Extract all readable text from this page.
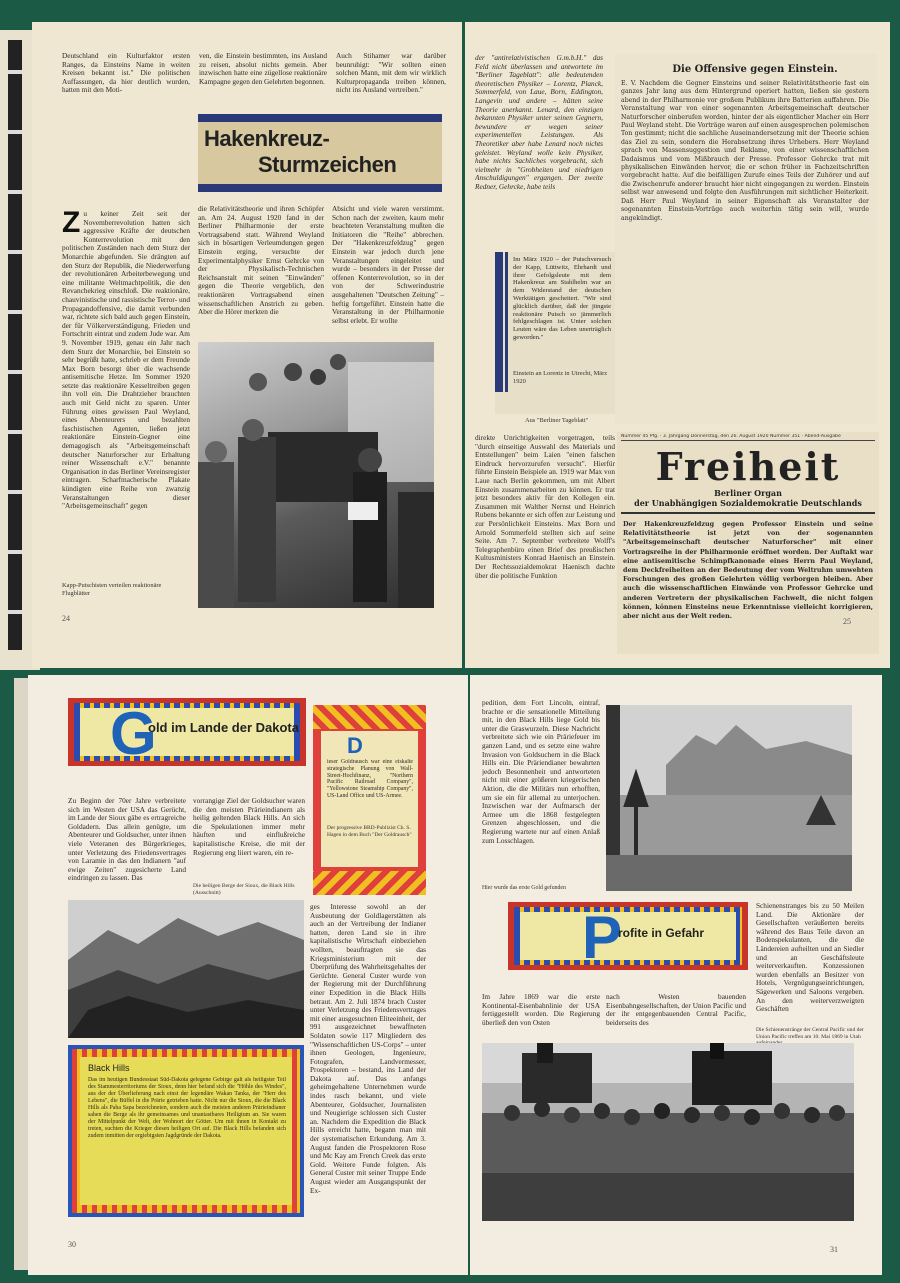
Deutschland ein Kulturfaktor ersten Ranges, da Einsteins Name in weiten Kreisen bekannt ist." Die politischen Auffassungen, da hier deutlich wurden, hatten mit den Moti-
ven, die Einstein bestimmten, ins Ausland zu reisen, absolut nichts gemein. Aber inzwischen hatte eine zügellose reaktionäre Kampagne gegen den Gelehrten begonnen.
Auch Stihamer war darüber beunruhigt: "Wir sollten einen solchen Mann, mit dem wir wirklich Kulturpropaganda treiben können, nicht ins Ausland vertreiben."
Hakenkreuz-
Sturmzeichen
Z u keiner Zeit seit der Novemberrevolution hatten sich aggressive Kräfte der deutschen Konterrevolution mit den politischen Zuständen nach dem Sturz der Monarchie abgefunden. Sie drängten auf den Sturz der Republik, die Niederwerfung der revolutionären Arbeiterbewegung und eine militante Weltmachtpolitik, die den Revanchekrieg einschloß. Die reaktionäre, chauvinistische und rassistische Terror- und Propagandoffensive, die damit verbunden war, richtete sich bald auch gegen Einstein, der für Völkerverständigung, Frieden und Fortschritt eintrat und zudem Jude war. Am 9. November 1919, genau ein Jahr nach dem Sturz der Monarchie, bei Einstein so sehr begrüßt hatte, schrieb er dem Freunde Max Born besorgt über die wachsende antisemitische Hetze. Im Sommer 1920 setzte das reaktionäre Kesseltreiben gegen ihn voll ein. Die Drahtzieher brauchten auch mit Geld nicht zu sparen. Unter Führung eines gewissen Paul Weyland, eines Abenteurers und bezahlten faschistischen Agenten, ließen jetzt reaktionäre Einstein-Gegner eine demagogisch als "Arbeitsgemeinschaft deutscher Naturforscher zur Erhaltung reiner Wissenschaft e.V." benannte Organisation in das Berliner Vereinsregister eintragen. Scharfmacherische Plakate kündigten eine Reihe von zwanzig Veranstaltungen dieser "Arbeitsgemeinschaft" gegen
die Relativitätstheorie und ihren Schöpfer an. Am 24. August 1920 fand in der Berliner Philharmonie der erste Vortragsabend statt. Während Weyland sich in bösartigen Verleumdungen gegen Einstein erging, versuchte der Experimentalphysiker Ernst Gehrcke von der Physikalisch-Technischen Reichsanstalt mit seinen "Einwänden" gegen die Theorie vergeblich, den reaktionären Vortragsabend einen wissenschaftlichen Anstrich zu geben. Aber die Hörer merkten die
Absicht und viele waren verstimmt. Schon nach der zweiten, kaum mehr beachteten Veranstaltung mußten die Initiatoren die "Reihe" abbrechen. Der "Hakenkreuzfeldzug" gegen Einstein war jedoch durch jene Veranstaltungen eingeleitet und wurde – besonders in der Presse der offenen Konterrevolution, so in der von der Schwerindustrie ausgehaltenen "Deutschen Zeitung" – heftig fortgeführt. Einstein hatte die Veranstaltung in der Philharmonie selbst erlebt. Er wollte
Kapp-Putschisten verteilen reaktionäre Flugblätter
24
der "antirelativistischen G.m.b.H." das Feld nicht überlassen und antwortete im "Berliner Tageblatt": alle bedeutenden theoretischen Physiker – Lorentz, Planck, Sommerfeld, von Laue, Born, Eddington, Langevin und andere – hätten seine Theorie anerkannt. Lenard, den einzigen bekannten Physiker unter seinen Gegnern, bewundere er wegen seiner experimentellen Leistungen. Als Theoretiker aber habe Lenard noch nichts geleistet. Weyland wolle kein Physiker, habe nichts Sachliches vorgebracht, sich vielmehr in "Grobheiten und niedrigen Anschuldigungen" ergangen. Der zweite Redner, Gehrcke, habe teils
Im März 1920 – der Putschversuch der Kapp, Lüttwitz, Ehrhardt und ihrer Gefolgsleute mit dem Hakenkreuz am Stahlhelm war an dem Widerstand der deutschen Werktätigen gescheitert. "Wir sind glücklich darüber, daß der jüngste reaktionäre Putsch so jämmerlich fehlgeschlagen ist. Unter solchen Leuten wäre das Leben unerträglich geworden."
Einstein an Lorentz in Utrecht, März 1920
Aus "Berliner Tageblatt"
direkte Unrichtigkeiten vorgetragen, teils "durch einseitige Auswahl des Materials und Entstellungen" beim Laien "einen falschen Eindruck hervorzurufen versucht". Hierfür führte Einstein Beispiele an. 1919 war Max von Laue nach Berlin gekommen, um mit Albert Einstein zusammenarbeiten zu können. Er trat jetzt besonders aktiv für den Kollegen ein. Zusammen mit Walther Nernst und Heinrich Rubens bekannte er sich offen zur Leistung und zur Persönlichkeit Einsteins. Max Born und Arnold Sommerfeld stellten sich auf seine Seite. Am 7. September verbreitete Wolff's Telegraphenbüro einen Brief des preußischen Kultusministers Konrad Haenisch an Einstein. Der Rechtssozialdemokrat Haenisch dachte über die politische Funktion
Die Offensive gegen Einstein.
E. V. Nachdem die Gegner Einsteins und seiner Relativitätstheorie fast ein ganzes Jahr lang aus dem Hintergrund operiert hatten, ließen sie gestern abend in der Philharmonie vor großem Publikum ihre Batterien auffahren. Die Veranstaltung war von einer sogenannten Arbeitsgemeinschaft deutscher Naturforscher einberufen worden, hinter der als eigentlicher Macher ein Herr Paul Weyland steht. Die Vorträge waren auf einen ausgesprochen polemischen Ton gestimmt; nicht die sachliche Auseinandersetzung mit der Theorie schien das Ziel zu sein, sondern die Herabsetzung ihres Urhebers. Herr Weyland sprach von Massensuggestion und Reklame, von einer wissenschaftlichen Dadaismus und vom Mißbrauch der Presse. Professor Gehrcke trat mit physikalischen Einwänden hervor, die er schon früher in Fachzeitschriften vorgebracht hatte. Auf die beifälligen Zurufe eines Teils der Zuhörer und auf die Zwischenrufe anderer braucht hier nicht eingegangen zu werden. Einstein selbst war anwesend und folgte den Ausführungen mit sichtlicher Heiterkeit. Daß Herr Paul Weyland in seiner Eigenschaft als Veranstalter der sogenannten Einstein-Vorträge auch weiterhin tätig sein will, wurde angekündigt.
Nummer 45 Pfg. · 3. Jahrgang Donnerstag, den 26. August 1920 Nummer 351 · Abend-Ausgabe
Freiheit
Berliner Organ
der Unabhängigen Sozialdemokratie Deutschlands
Der Hakenkreuzfeldzug gegen Professor Einstein und seine Relativitätstheorie ist jetzt von der sogenannten "Arbeitsgemeinschaft deutscher Naturforscher" mit einer Vortragsreihe in der Philharmonie eröffnet worden. Der Auftakt war eine antisemitische Schimpfkanonade eines Herrn Paul Weyland, dem Deckfreiheiten an der Bedeutung der vom Weltruhm umwehten Forschungen des großen Gelehrten völlig verborgen bleiben. Aber auch die wissenschaftlichen Einwände von Professor Gehrcke und anderen Vertretern der physikalischen Fachwelt, die nicht folgen können, können Einsteins neue Erkenntnisse vielleicht korrigieren, aber nicht aus der Welt reden.
25
G
old im Lande der Dakota
D
ieser Goldrausch war eine eiskalte strategische Planung von Wall-Street-Hochfinanz, "Northern Pacific Railroad Company", "Yellowstone Steamship Company", US-Land Office und US-Armee.
Der progressive BRD-Publizist Ch. S. Hagen in dem Buch "Der Goldrausch"
Zu Beginn der 70er Jahre verbreitete sich im Westen der USA das Gerücht, im Lande der Sioux gäbe es ertragreiche Goldadern. Das allein genügte, um Abenteurer und Goldsucher, unter ihnen viele Veteranen des Bürgerkrieges, unter Verletzung des Friedensvertrages von Laramie in das den Indianern "auf ewige Zeiten" zugesicherte Land eindringen zu lassen. Das
vorrangige Ziel der Goldsucher waren die den meisten Prärieindianern als heilig geltenden Black Hills. An sich die Spekulationen immer mehr häuften und einflußreiche kapitalistische Kreise, die mit der Regierung eng liiert waren, ein re-
Die heiligen Berge der Sioux, die Black Hills (Ausschnitt)
ges Interesse sowohl an der Ausbeutung der Goldlagerstätten als auch an der Vertreibung der Indianer hatten, deren Land sie in ihre kapitalistische Wirtschaft einbeziehen wollten, beauftragten sie das Kriegsministerium mit der Überprüfung des Wahrheitsgehaltes der Gerüchte. General Custer wurde von der Regierung mit der Durchführung einer Expedition in die Black Hills betraut. Am 2. Juli 1874 brach Custer unter Verletzung des Friedensvertrages mit einer ausgesuchten Eliteeinheit, der 991 ausgezeichnet bewaffneten Soldaten sowie 117 Mitgliedern des "Wissenschaftlichen US-Corps" – unter ihnen Geologen, Ingenieure, Fotografen, Landvermesser, Prospektoren – bestand, ins Land der Dakota auf. Das anfangs geheimgehaltene Unternehmen wurde indes rasch bekannt, und viele Abenteurer, Goldsucher, Journalisten und Neugierige schlossen sich Custer an. Nachdem die Expedition die Black Hills erreicht hatte, begann man mit der systematischen Erkundung. Am 3. August fanden die Prospektoren Rose und Mc Kay am French Creek das erste Gold. Weitere Funde folgten. Als General Custer mit seiner Truppe Ende August wieder am Ausgangspunkt der Ex-
Black Hills
Das im heutigen Bundesstaat Süd-Dakota gelegene Gebirge galt als heiligster Teil des Stammesterritoriums der Sioux, denn hier befand sich die "Höhle des Windes", aus der der Überlieferung nach einst der legendäre Wakan Tanka, der "Herr des Lebens", die Büffel in die Prärie getrieben hatte. Nicht nur die Sioux, die die Black Hills als Paha Sapa bezeichneten, sondern auch die meisten anderen Prärieindianer sahen die Berge als ihr gemeinsames und unantastbares Heiligtum an. Sie waren der Mittelpunkt der Welt, der Wohnort der Götter. Um mit ihnen in Kontakt zu treten, suchten die Krieger diesen heiligen Ort auf. Die Black Hills befanden sich zudem inmitten der ergiebigsten Jagdgründe der Dakota.
30
pedition, dem Fort Lincoln, eintraf, brachte er die sensationelle Mitteilung mit, in den Black Hills liege Gold bis unter die Graswurzeln. Diese Nachricht verbreitete sich wie ein Präriefeuer im ganzen Land, und es setzte eine wahre Invasion von Goldsuchern in die Black Hills ein. Die Präriendianer bewahrten jedoch Besonnenheit und antworteten nicht mit einer größeren kriegerischen Aktion, die die Militärs nun erhofften, um sie ein für allemal zu unterjochen. Inzwischen war der Aufmarsch der Armee um die 1868 festgelegten Grenzen abgeschlossen, und die Regierung wartete nur auf einen Anlaß zum Losschlagen.
Hier wurde das erste Gold gefunden
P
rofite in Gefahr
Schienenstranges bis zu 50 Meilen Land. Die Aktionäre der Gesellschaften veräußerten bereits während des Baus Teile davon an Bodenspekulanten, die die Ländereien aufteilten und an Siedler und an Geschäftsleute weiterverkauften. Konzessionen wurden ebenfalls an Besitzer von Hotels, Vergnügungseinrichtungen, Sägewerken und Saloons vergeben. An den weiterverzweigten Geschäften
Die Schienenstränge der Central Pacific und der Union Pacific treffen am 10. Mai 1869 in Utah
Im Jahre 1869 war die erste Kontinental-Eisenbahnlinie der USA fertiggestellt worden. Die Regierung überließ den von Osten
nach Westen bauenden Eisenbahngesellschaften, der Union Pacific und der ihr entgegenbauenden Central Pacific, beiderseits des
31
